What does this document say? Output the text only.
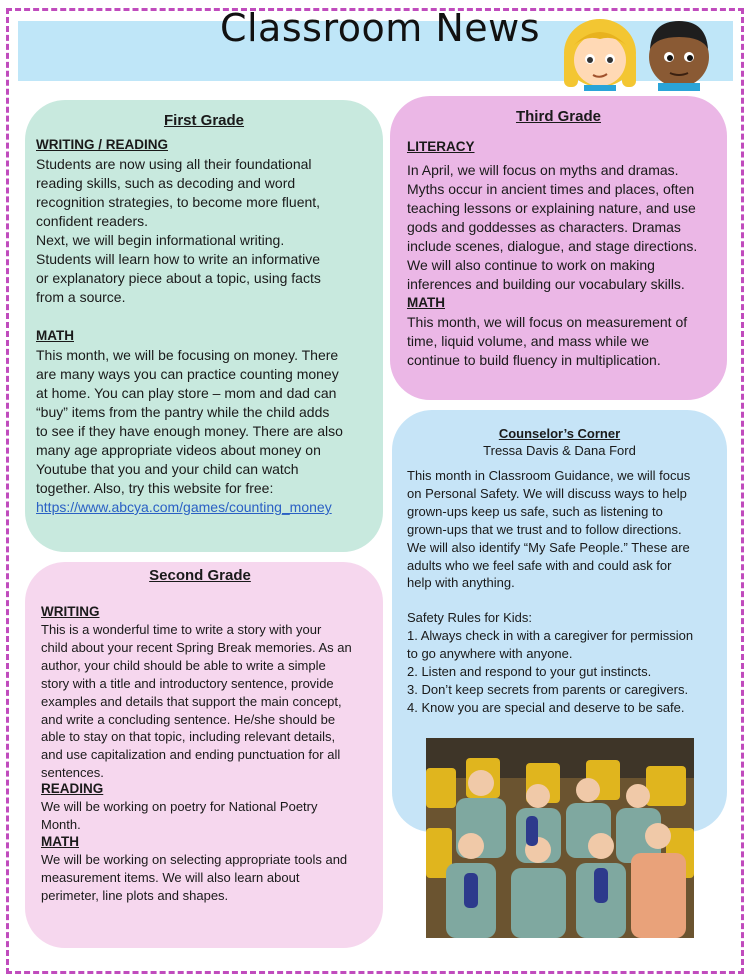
Classroom News
First Grade
WRITING / READING
Students are now using all their foundational
reading skills, such as decoding and word
recognition strategies, to become more fluent,
confident readers.
Next, we will begin informational writing.
Students will learn how to write an informative
or explanatory piece about a topic, using facts
from a source.
MATH
This month, we will be focusing on money. There
are many ways you can practice counting money
at home. You can play store – mom and dad can
“buy” items from the pantry while the child adds
to see if they have enough money. There are also
many age appropriate videos about money on
Youtube that you and your child can watch
together. Also, try this website for free:
https://www.abcya.com/games/counting_money
Second Grade
WRITING
This is a wonderful time to write a story with your
child about your recent Spring Break memories. As an
author, your child should be able to write a simple
story with a title and introductory sentence, provide
examples and details that support the main concept,
and write a concluding sentence. He/she should be
able to stay on that topic, including relevant details,
and use capitalization and ending punctuation for all
sentences.
READING
We will be working on poetry for National Poetry
Month.
MATH
We will be working on selecting appropriate tools and
measurement items. We will also learn about
perimeter, line plots and shapes.
Third Grade
LITERACY
In April, we will focus on myths and dramas.
Myths occur in ancient times and places, often
teaching lessons or explaining nature, and use
gods and goddesses as characters. Dramas
include scenes, dialogue, and stage directions.
We will also continue to work on making
inferences and building our vocabulary skills.
MATH
This month, we will focus on measurement of
time, liquid volume, and mass while we
continue to build fluency in multiplication.
Counselor’s Corner
Tressa Davis & Dana Ford
This month in Classroom Guidance, we will focus
on Personal Safety. We will discuss ways to help
grown-ups keep us safe, such as listening to
grown-ups that we trust and to follow directions.
We will also identify “My Safe People.” These are
adults who we feel safe with and could ask for
help with anything.
Safety Rules for Kids:
1. Always check in with a caregiver for permission
to go anywhere with anyone.
2. Listen and respond to your gut instincts.
3. Don’t keep secrets from parents or caregivers.
4. Know you are special and deserve to be safe.
